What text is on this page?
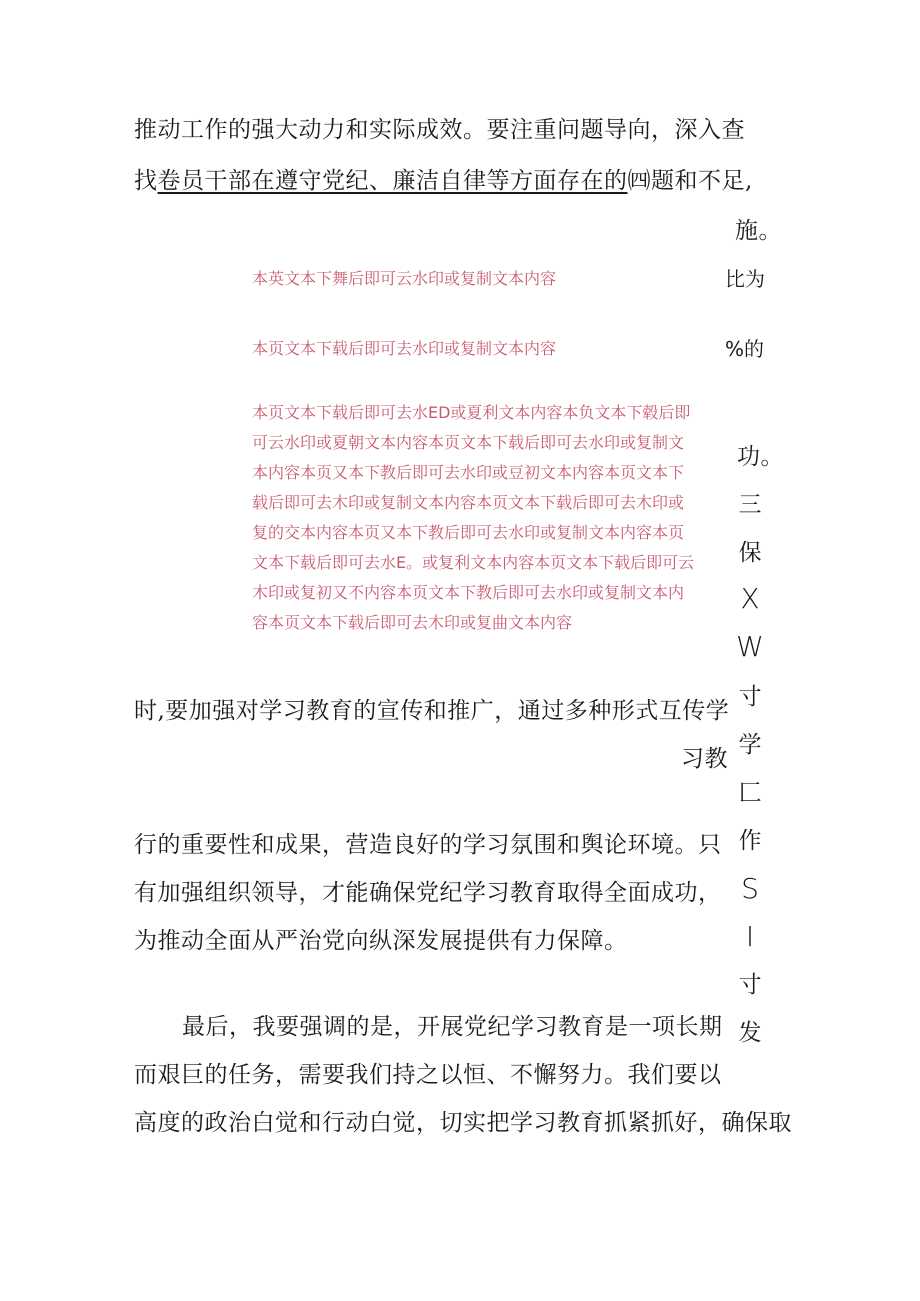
推动工作的强大动力和实际成效。要注重问题导向，深入查
找卷员干部在遵守党纪、廉洁自律等方面存在的㈣题和不足,
施。
本英文本下舞后即可云水印或复制文本内容	比为
本页文本下载后即可去水印或复制文本内容	%的
本页文本下载后即可去水ED或夏利文本内容本负文本下毂后即
可云水印或夏朝文本内容本页文本下载后即可去水印或复制文
本内容本页又本下教后即可去水印或豆初文本内容本页文本下
载后即可去木印或复制文本内容本页文本下载后即可去木印或
复的交本内容本页又本下教后即可去水印或复制文本内容本页
文本下载后即可去水E。或复利文本内容本页文本下载后即可云
木印或复初又不内容本页文本下教后即可去水印或复制文本内
容本页文本下载后即可去木印或复曲文本内容
功。
三
保
X
W
寸
学
匚
作
S
I
寸
发
时,要加强对学习教育的宣传和推广，通过多种形式互传学
习教
行的重要性和成果，营造良好的学习氛围和舆论环境。只
有加强组织领导，才能确保党纪学习教育取得全面成功，
为推动全面从严治党向纵深发展提供有力保障。
最后，我要强调的是，开展党纪学习教育是一项长期
而艰巨的任务，需要我们持之以恒、不懈努力。我们要以
高度的政治白觉和行动白觉，切实把学习教育抓紧抓好，确保取
